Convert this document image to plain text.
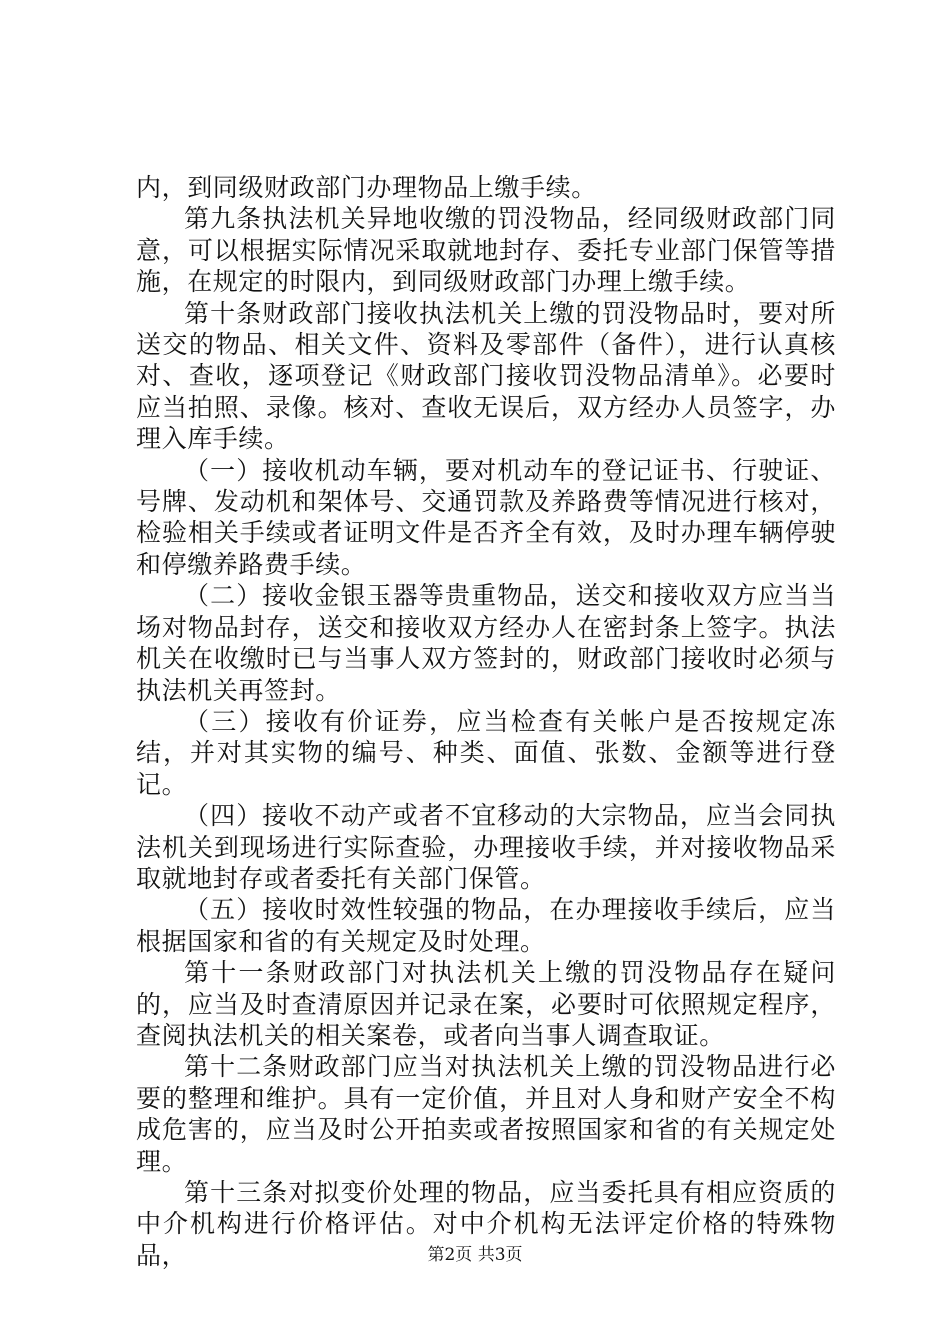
内，到同级财政部门办理物品上缴手续。

第九条执法机关异地收缴的罚没物品，经同级财政部门同意，可以根据实际情况采取就地封存、委托专业部门保管等措施，在规定的时限内，到同级财政部门办理上缴手续。

第十条财政部门接收执法机关上缴的罚没物品时，要对所送交的物品、相关文件、资料及零部件（备件），进行认真核对、查收，逐项登记《财政部门接收罚没物品清单》。必要时应当拍照、录像。核对、查收无误后，双方经办人员签字，办理入库手续。

（一）接收机动车辆，要对机动车的登记证书、行驶证、号牌、发动机和架体号、交通罚款及养路费等情况进行核对，检验相关手续或者证明文件是否齐全有效，及时办理车辆停驶和停缴养路费手续。

（二）接收金银玉器等贵重物品，送交和接收双方应当当场对物品封存，送交和接收双方经办人在密封条上签字。执法机关在收缴时已与当事人双方签封的，财政部门接收时必须与执法机关再签封。

（三）接收有价证券，应当检查有关帐户是否按规定冻结，并对其实物的编号、种类、面值、张数、金额等进行登记。

（四）接收不动产或者不宜移动的大宗物品，应当会同执法机关到现场进行实际查验，办理接收手续，并对接收物品采取就地封存或者委托有关部门保管。

（五）接收时效性较强的物品，在办理接收手续后，应当根据国家和省的有关规定及时处理。

第十一条财政部门对执法机关上缴的罚没物品存在疑问的，应当及时查清原因并记录在案，必要时可依照规定程序，查阅执法机关的相关案卷，或者向当事人调查取证。

第十二条财政部门应当对执法机关上缴的罚没物品进行必要的整理和维护。具有一定价值，并且对人身和财产安全不构成危害的，应当及时公开拍卖或者按照国家和省的有关规定处理。

第十三条对拟变价处理的物品，应当委托具有相应资质的中介机构进行价格评估。对中介机构无法评定价格的特殊物品，	第2页 共3页
